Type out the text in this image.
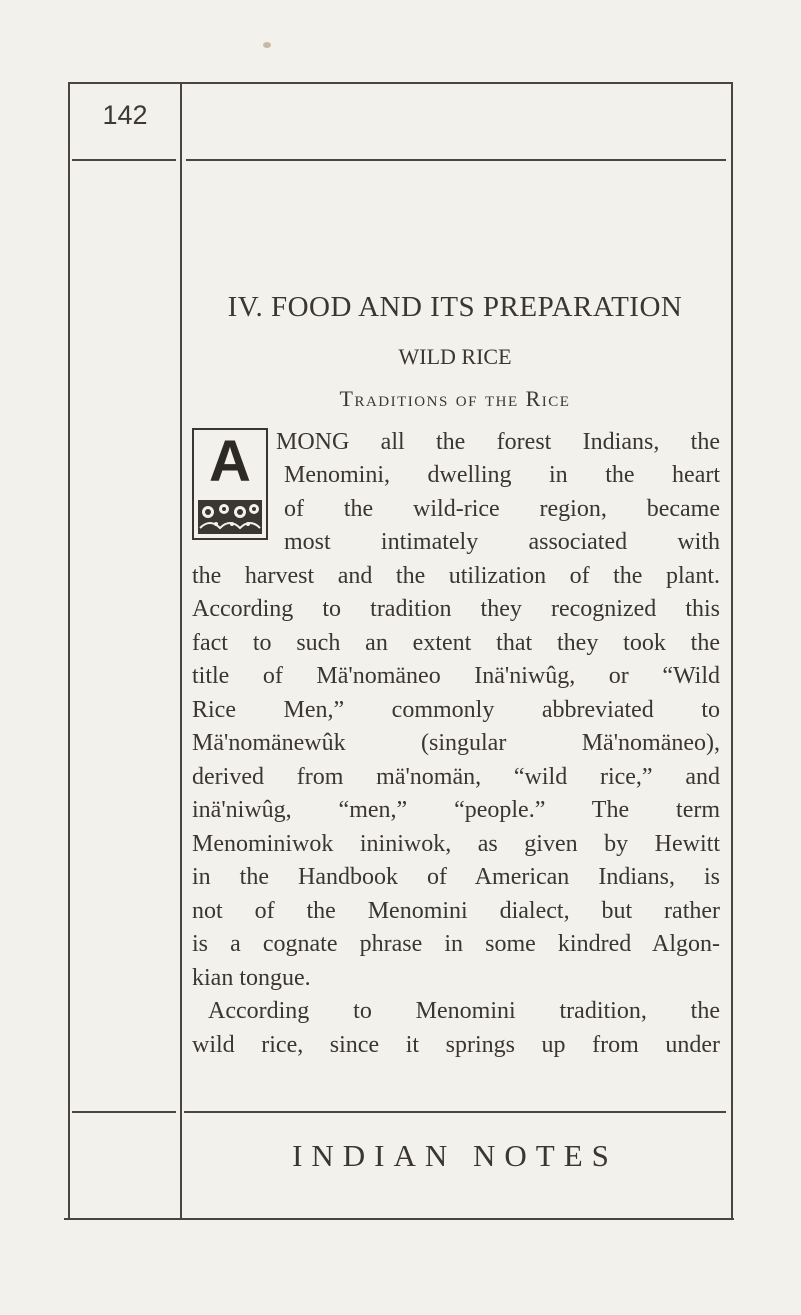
142
IV. FOOD AND ITS PREPARATION
WILD RICE
Traditions of the Rice
A	MONG all the forest Indians, the
Menomini, dwelling in the heart
of the wild-rice region, became
most intimately associated with
the harvest and the utilization of the plant.
According to tradition they recognized this
fact to such an extent that they took the
title of Mä'nomäneo Inä'niwûg, or “Wild
Rice Men,” commonly abbreviated to
Mä'nomänewûk (singular Mä'nomäneo),
derived from mä'nomän, “wild rice,” and
inä'niwûg, “men,” “people.” The term
Menominiwok ininiwok, as given by Hewitt
in the Handbook of American Indians, is
not of the Menomini dialect, but rather
is a cognate phrase in some kindred Algon-
kian tongue.
According to Menomini tradition, the
wild rice, since it springs up from under
INDIAN NOTES
